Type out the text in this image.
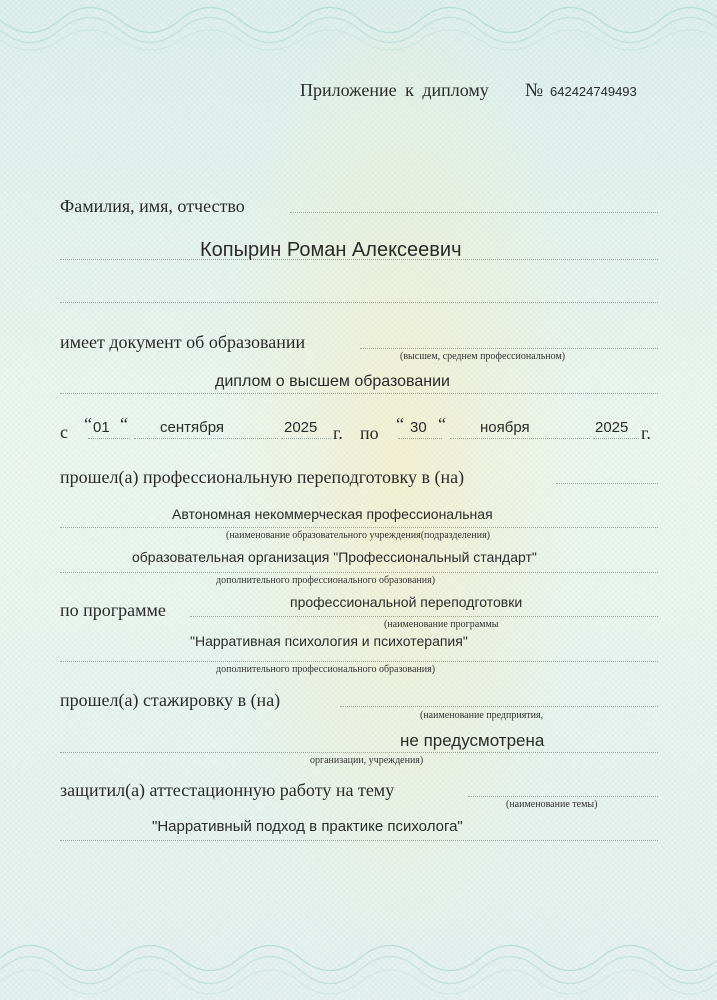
Приложение к диплому № 642424749493
Фамилия, имя, отчество
Копырин Роман Алексеевич
имеет документ об образовании
(высшем, среднем профессиональном)
диплом о высшем образовании
с “ 01 “ сентября	2025 г. по “ 30 “ ноября	2025 г.
прошел(а) профессиональную переподготовку в (на)
Автономная некоммерческая профессиональная
(наименование образовательного учреждения(подразделения)
образовательная организация "Профессиональный стандарт"
дополнительного профессионального образования)
по программе	профессиональной переподготовки
(наименование программы
"Нарративная психология и психотерапия"
дополнительного профессионального образования)
прошел(а) стажировку в (на)
(наименование предприятия,
не предусмотрена
организации, учреждения)
защитил(а) аттестационную работу на тему
(наименование темы)
"Нарративный подход в практике психолога"
